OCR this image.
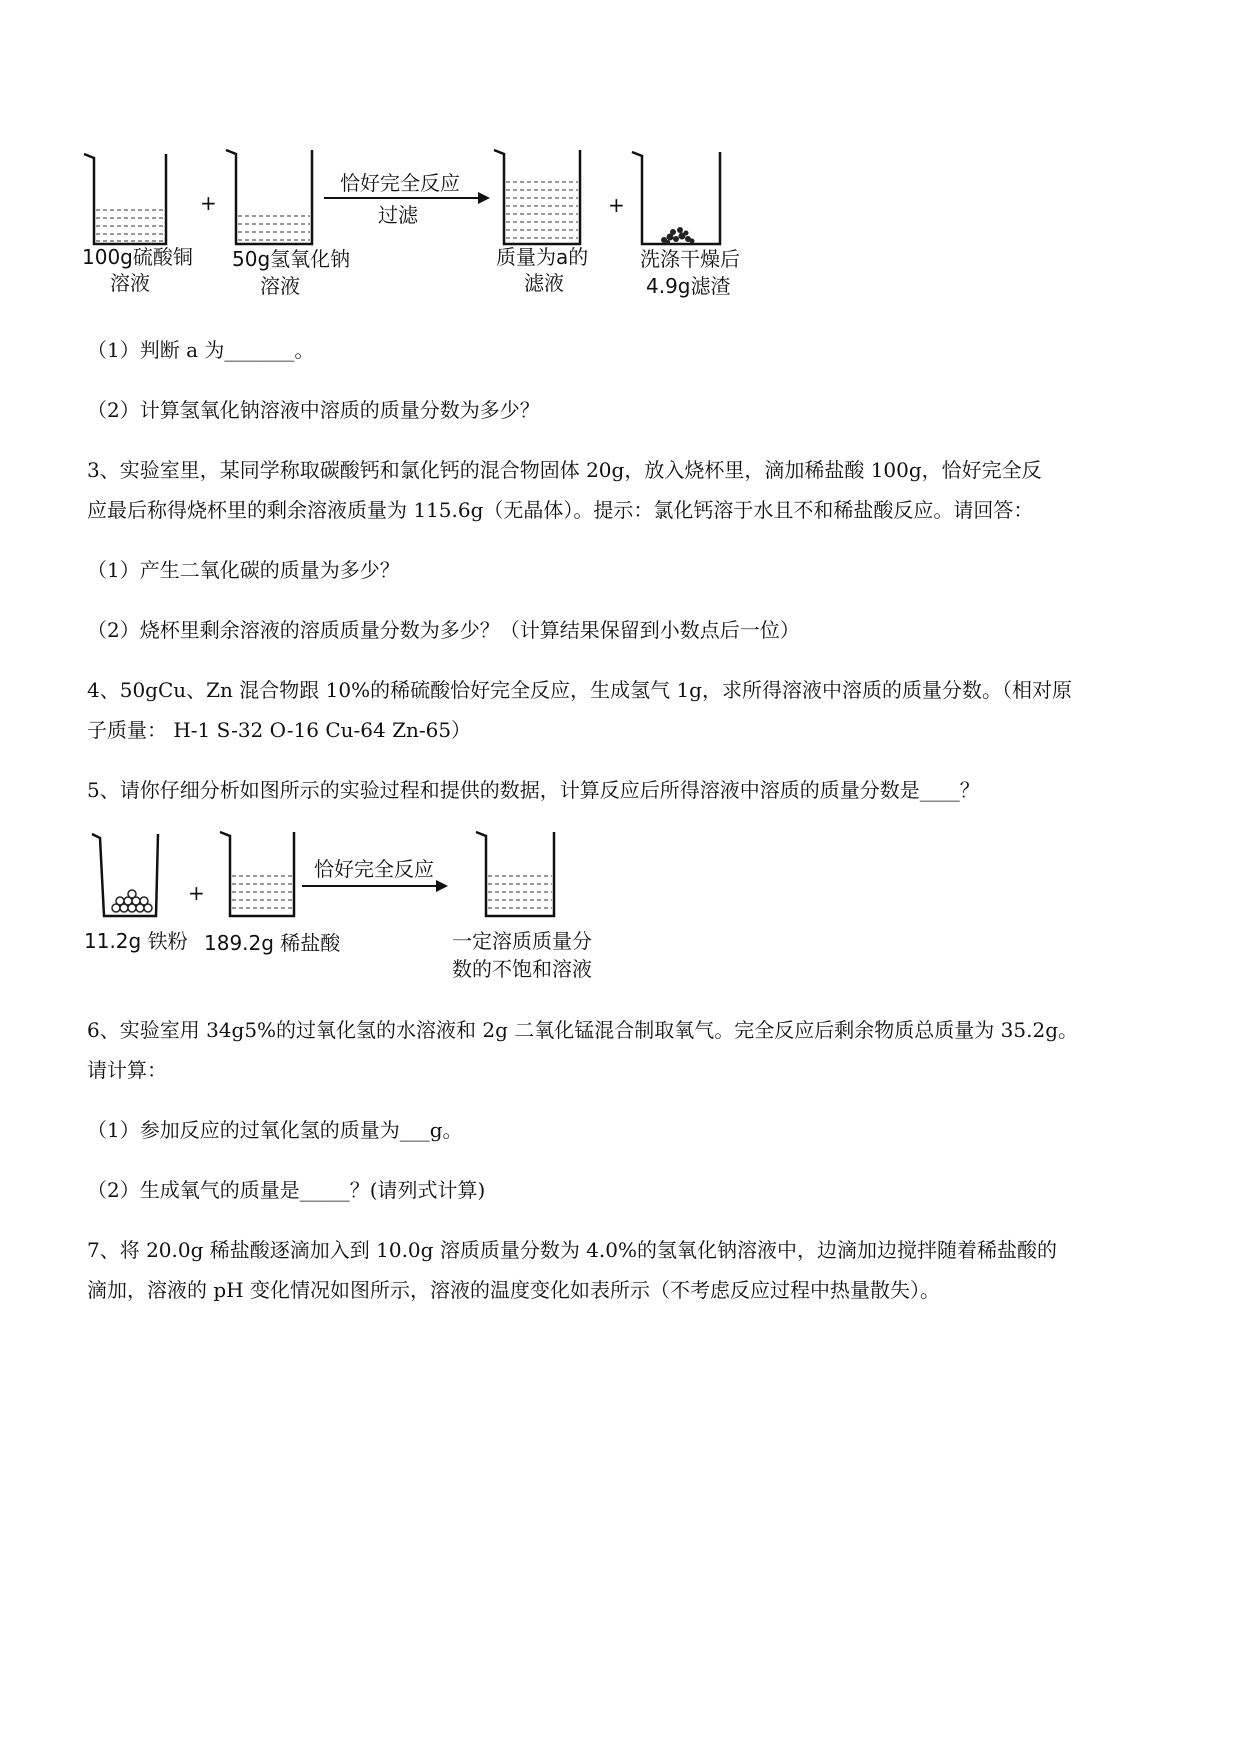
100g硫酸铜
溶液
+
50g氢氧化钠
溶液
恰好完全反应
过滤
质量为a的
滤液
+
洗涤干燥后
4.9g滤渣
（1）判断 a 为_______。
（2）计算氢氧化钠溶液中溶质的质量分数为多少？
3、实验室里，某同学称取碳酸钙和氯化钙的混合物固体 20g，放入烧杯里，滴加稀盐酸 100g，恰好完全反
应最后称得烧杯里的剩余溶液质量为 115.6g（无晶体）。提示：氯化钙溶于水且不和稀盐酸反应。请回答：
（1）产生二氧化碳的质量为多少？
（2）烧杯里剩余溶液的溶质质量分数为多少？（计算结果保留到小数点后一位）
4、50gCu、Zn 混合物跟 10%的稀硫酸恰好完全反应，生成氢气 1g，求所得溶液中溶质的质量分数。（相对原
子质量： H-1 S-32 O-16 Cu-64 Zn-65）
5、请你仔细分析如图所示的实验过程和提供的数据，计算反应后所得溶液中溶质的质量分数是____？
11.2g 铁粉
+
189.2g 稀盐酸
恰好完全反应
一定溶质质量分
数的不饱和溶液
6、实验室用 34g5%的过氧化氢的水溶液和 2g 二氧化锰混合制取氧气。完全反应后剩余物质总质量为 35.2g。
请计算：
（1）参加反应的过氧化氢的质量为___g。
（2）生成氧气的质量是_____？(请列式计算)
7、将 20.0g 稀盐酸逐滴加入到 10.0g 溶质质量分数为 4.0%的氢氧化钠溶液中，边滴加边搅拌随着稀盐酸的
滴加，溶液的 pH 变化情况如图所示，溶液的温度变化如表所示（不考虑反应过程中热量散失）。
